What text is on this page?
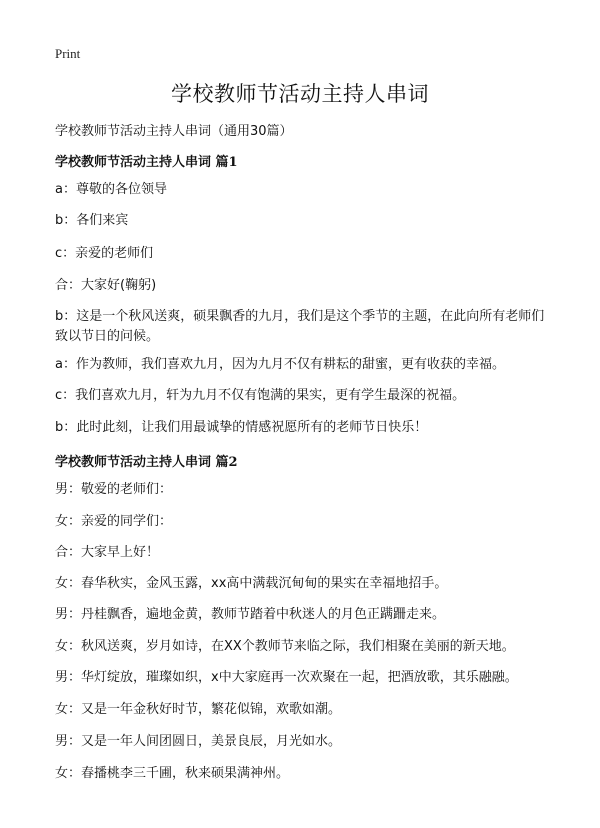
Print
学校教师节活动主持人串词
学校教师节活动主持人串词（通用30篇）
学校教师节活动主持人串词 篇1

a：尊敬的各位领导

b：各们来宾

c：亲爱的老师们

合：大家好(鞠躬)

b：这是一个秋风送爽，硕果飘香的九月，我们是这个季节的主题，在此向所有老师们致以节日的问候。

a：作为教师，我们喜欢九月，因为九月不仅有耕耘的甜蜜，更有收获的幸福。

c：我们喜欢九月，轩为九月不仅有饱满的果实，更有学生最深的祝福。

b：此时此刻，让我们用最诚挚的情感祝愿所有的老师节日快乐！

学校教师节活动主持人串词 篇2

男：敬爱的老师们：

女：亲爱的同学们：

合：大家早上好！

女：春华秋实，金风玉露，xx高中满载沉甸甸的果实在幸福地招手。

男：丹桂飘香，遍地金黄，教师节踏着中秋迷人的月色正蹒跚走来。

女：秋风送爽，岁月如诗，在XX个教师节来临之际，我们相聚在美丽的新天地。

男：华灯绽放，璀璨如织，x中大家庭再一次欢聚在一起，把酒放歌，其乐融融。

女：又是一年金秋好时节，繁花似锦，欢歌如潮。

男：又是一年人间团圆日，美景良辰，月光如水。

女：春播桃李三千圃，秋来硕果满神州。
